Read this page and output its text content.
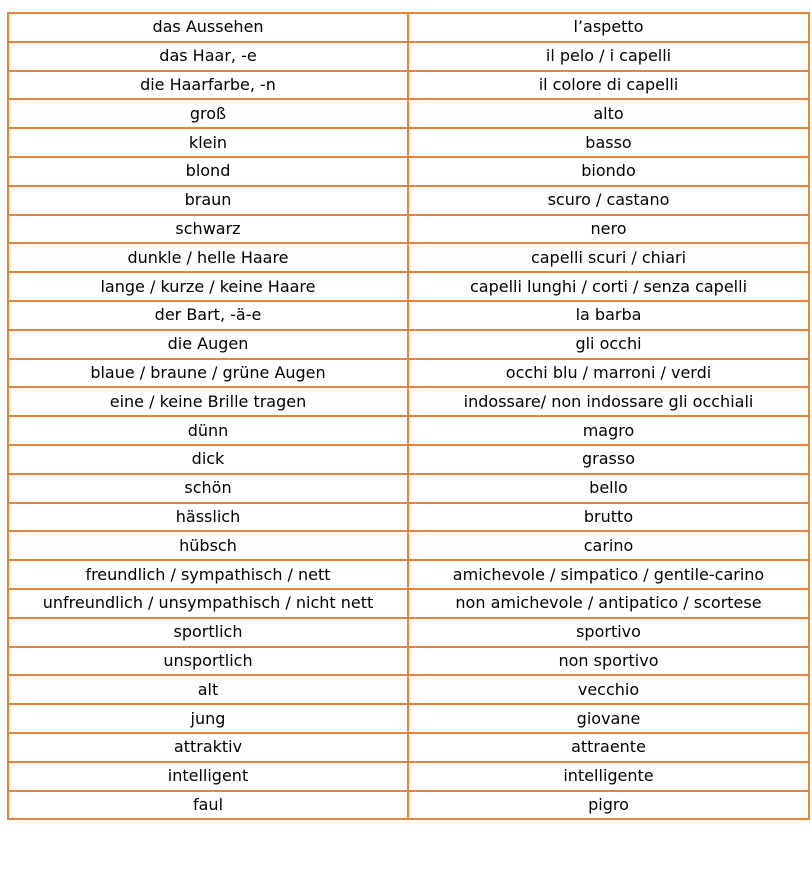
das Aussehen	l’aspetto
das Haar, -e	il pelo / i capelli
die Haarfarbe, -n	il colore di capelli
groß	alto
klein	basso
blond	biondo
braun	scuro / castano
schwarz	nero
dunkle / helle Haare	capelli scuri / chiari
lange / kurze / keine Haare	capelli lunghi / corti / senza capelli
der Bart, -ä-e	la barba
die Augen	gli occhi
blaue / braune / grüne Augen	occhi blu / marroni / verdi
eine / keine Brille tragen	indossare/ non indossare gli occhiali
dünn	magro
dick	grasso
schön	bello
hässlich	brutto
hübsch	carino
freundlich / sympathisch / nett	amichevole / simpatico / gentile-carino
unfreundlich / unsympathisch / nicht nett	non amichevole / antipatico / scortese
sportlich	sportivo
unsportlich	non sportivo
alt	vecchio
jung	giovane
attraktiv	attraente
intelligent	intelligente
faul	pigro
